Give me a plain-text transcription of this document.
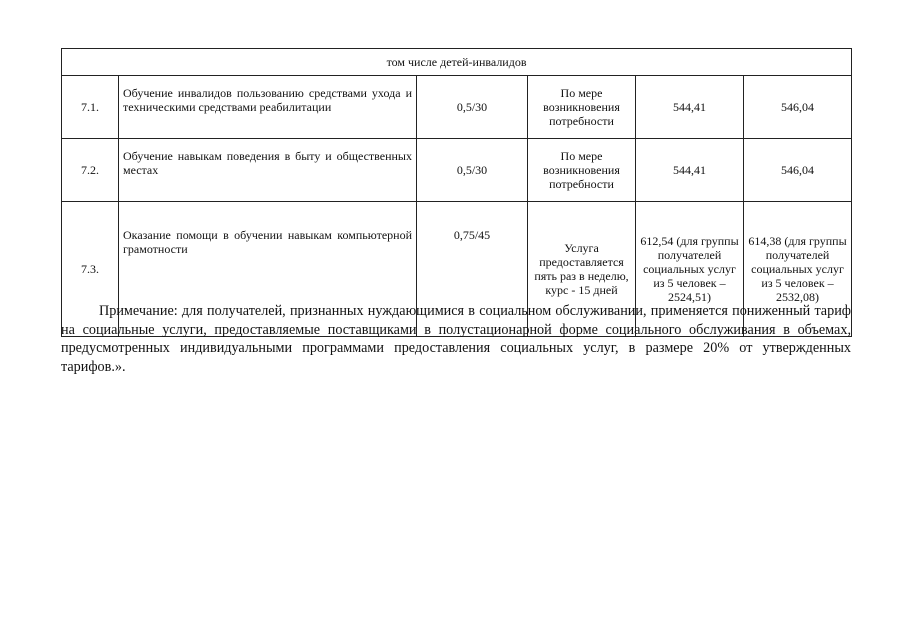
том числе детей-инвалидов					
7.1.	Обучение инвалидов пользованию средствами ухода и техническими средствами реабилитации	0,5/30	По мере возникновения потребности	544,41	546,04
7.2.	Обучение навыкам поведения в быту и общественных местах	0,5/30	По мере возникновения потребности	544,41	546,04
7.3.	Оказание помощи в обучении навыкам компьютерной грамотности	0,75/45	Услуга предоставляется пять раз в неделю, курс - 15 дней	612,54 (для группы получателей социальных услуг из 5 человек – 2524,51)	614,38 (для группы получателей социальных услуг из 5 человек – 2532,08)

Примечание: для получателей, признанных нуждающимися в социальном обслуживании, применяется пониженный тариф на социальные услуги, предоставляемые поставщиками в полустационарной форме социального обслуживания в объемах, предусмотренных индивидуальными программами предоставления социальных услуг, в размере 20% от утвержденных тарифов.».
